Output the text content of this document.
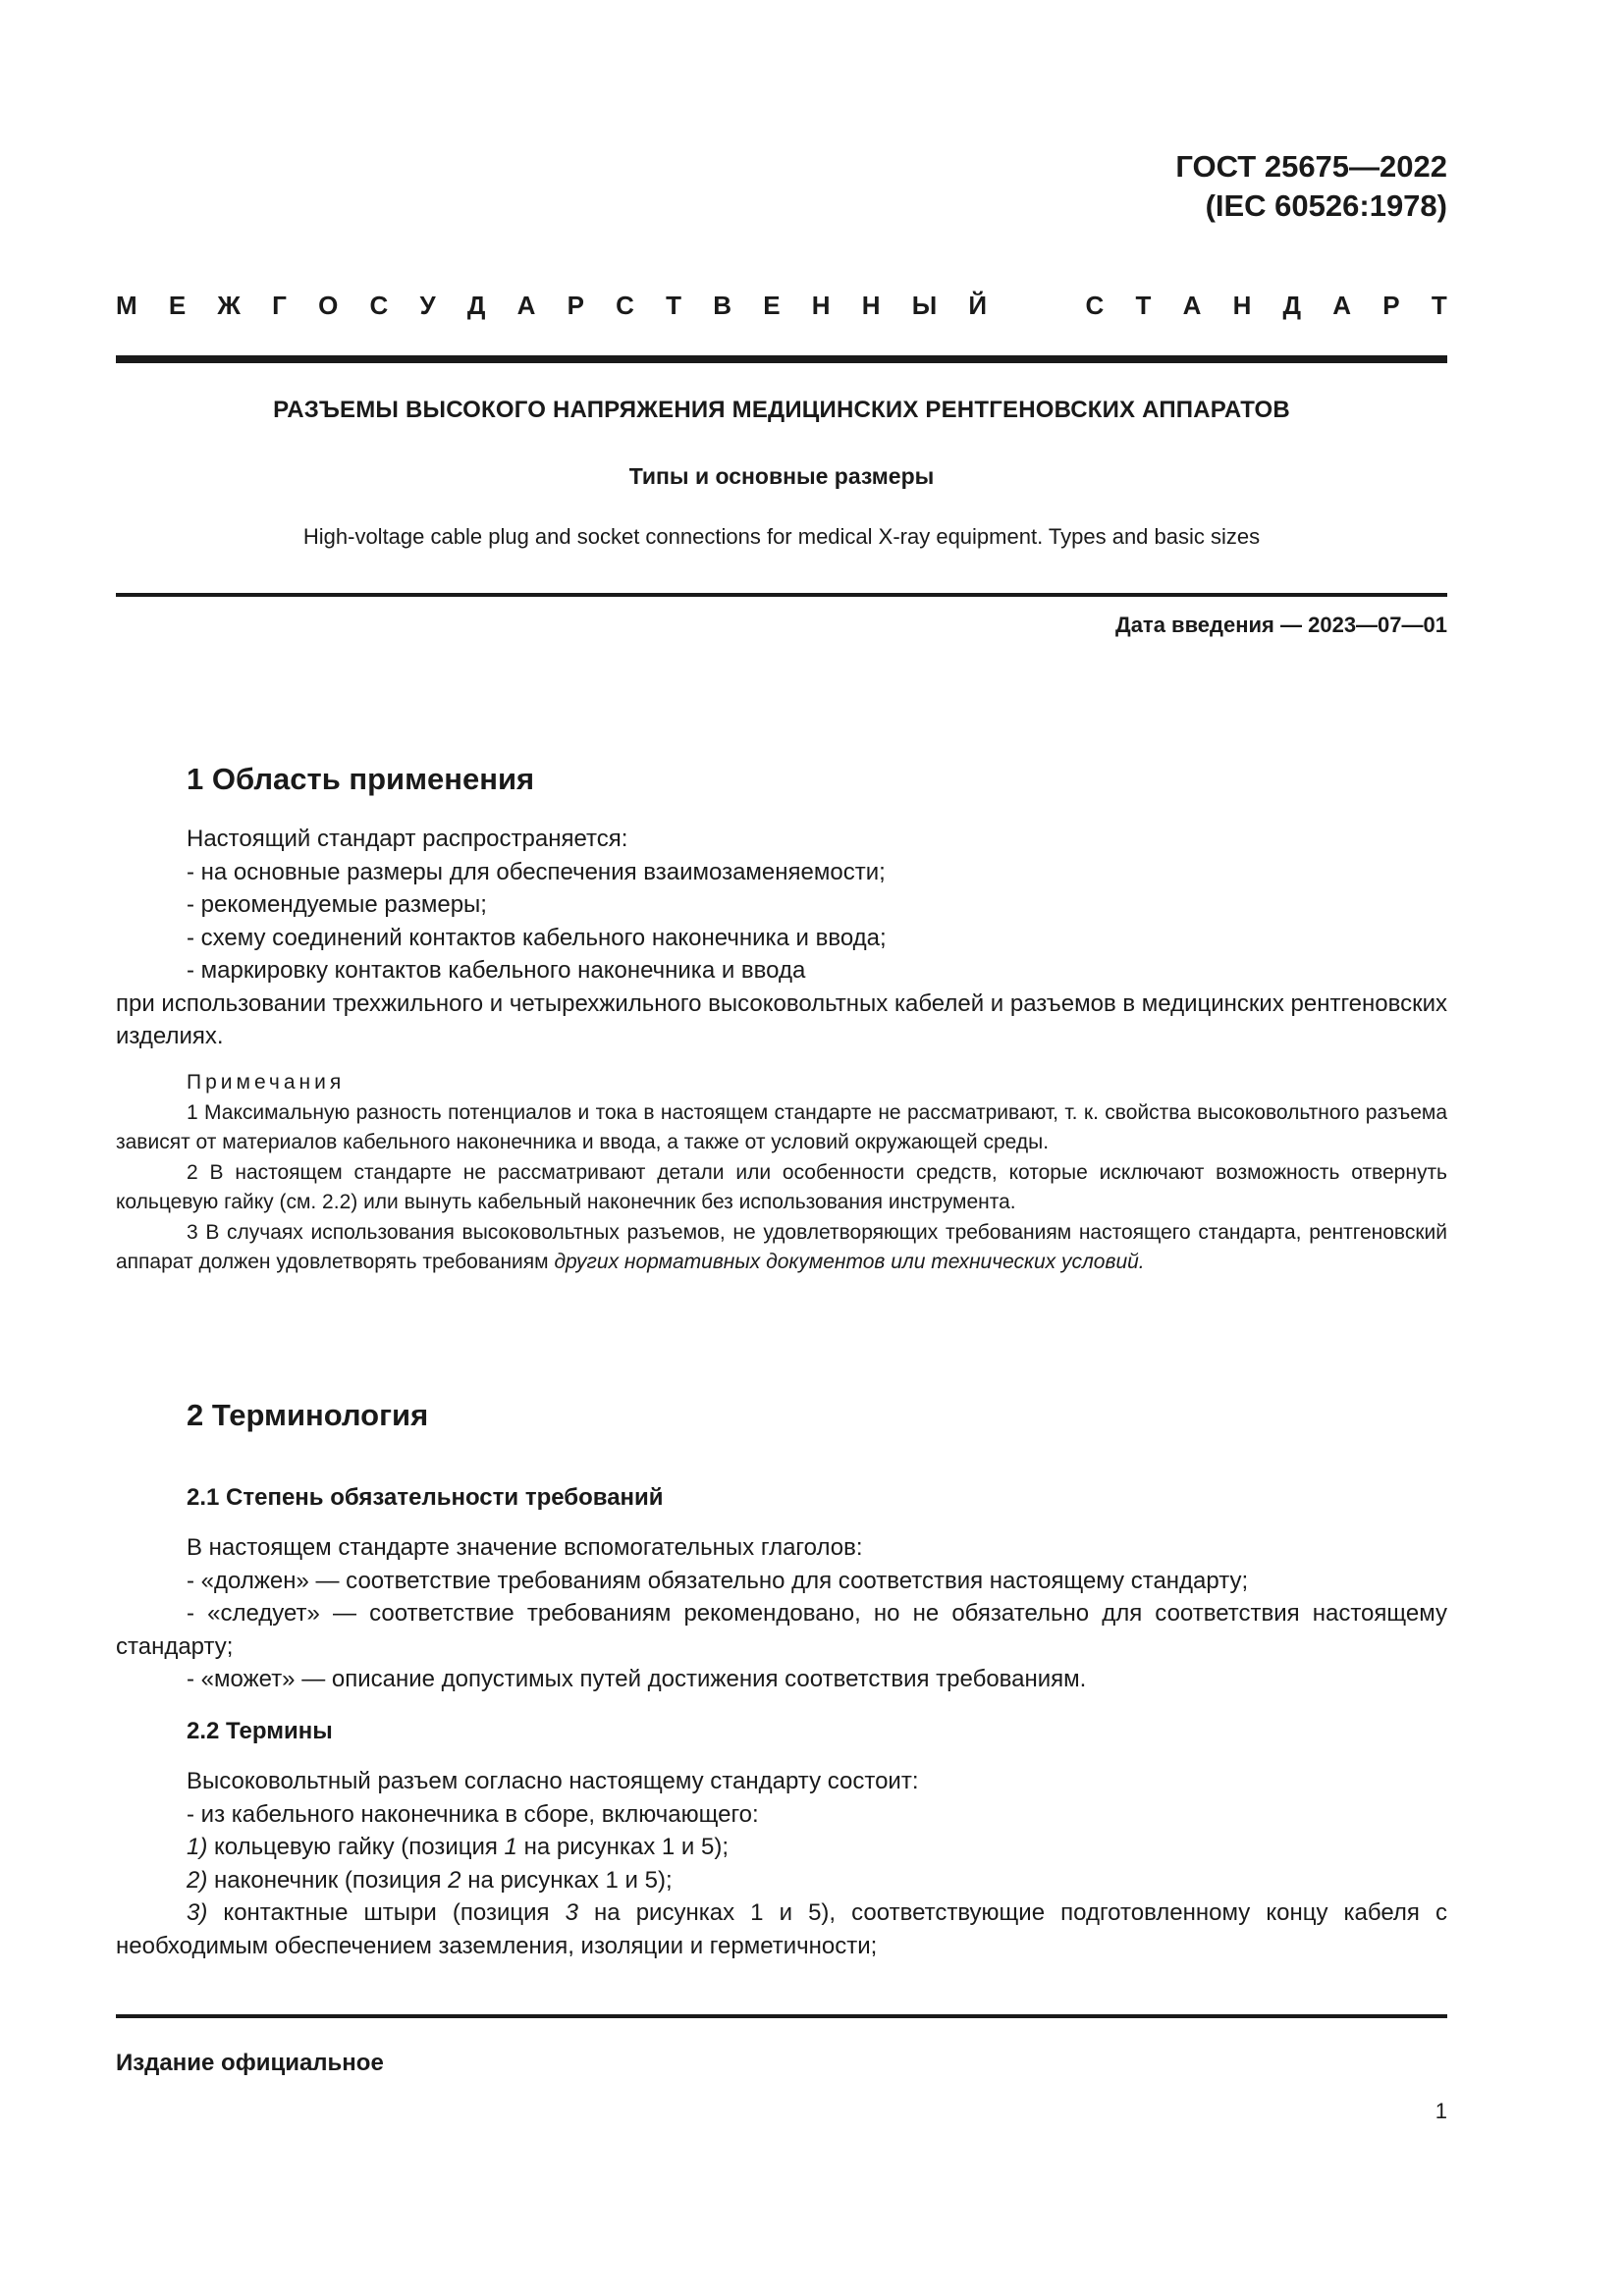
ГОСТ 25675—2022
(IEC 60526:1978)
М Е Ж Г О С У Д А Р С Т В Е Н Н Ы Й	С Т А Н Д А Р Т
РАЗЪЕМЫ ВЫСОКОГО НАПРЯЖЕНИЯ МЕДИЦИНСКИХ РЕНТГЕНОВСКИХ АППАРАТОВ
Типы и основные размеры
High-voltage cable plug and socket connections for medical X-ray equipment. Types and basic sizes
Дата введения — 2023—07—01
1 Область применения

Настоящий стандарт распространяется:

- на основные размеры для обеспечения взаимозаменяемости;

- рекомендуемые размеры;

- схему соединений контактов кабельного наконечника и ввода;

- маркировку контактов кабельного наконечника и ввода

при использовании трехжильного и четырехжильного высоковольтных кабелей и разъемов в медицинских рентгеновских изделиях.

Примечания

1 Максимальную разность потенциалов и тока в настоящем стандарте не рассматривают, т. к. свойства высоковольтного разъема зависят от материалов кабельного наконечника и ввода, а также от условий окружающей среды.

2 В настоящем стандарте не рассматривают детали или особенности средств, которые исключают возможность отвернуть кольцевую гайку (см. 2.2) или вынуть кабельный наконечник без использования инструмента.

3 В случаях использования высоковольтных разъемов, не удовлетворяющих требованиям настоящего стандарта, рентгеновский аппарат должен удовлетворять требованиям других нормативных документов или технических условий.

2 Терминология
2.1 Степень обязательности требований

В настоящем стандарте значение вспомогательных глаголов:

- «должен» — соответствие требованиям обязательно для соответствия настоящему стандарту;

- «следует» — соответствие требованиям рекомендовано, но не обязательно для соответствия настоящему стандарту;

- «может» — описание допустимых путей достижения соответствия требованиям.

2.2 Термины

Высоковольтный разъем согласно настоящему стандарту состоит:

- из кабельного наконечника в сборе, включающего:

1) кольцевую гайку (позиция 1 на рисунках 1 и 5);

2) наконечник (позиция 2 на рисунках 1 и 5);

3) контактные штыри (позиция 3 на рисунках 1 и 5), соответствующие подготовленному концу кабеля с необходимым обеспечением заземления, изоляции и герметичности;

Издание официальное
1
